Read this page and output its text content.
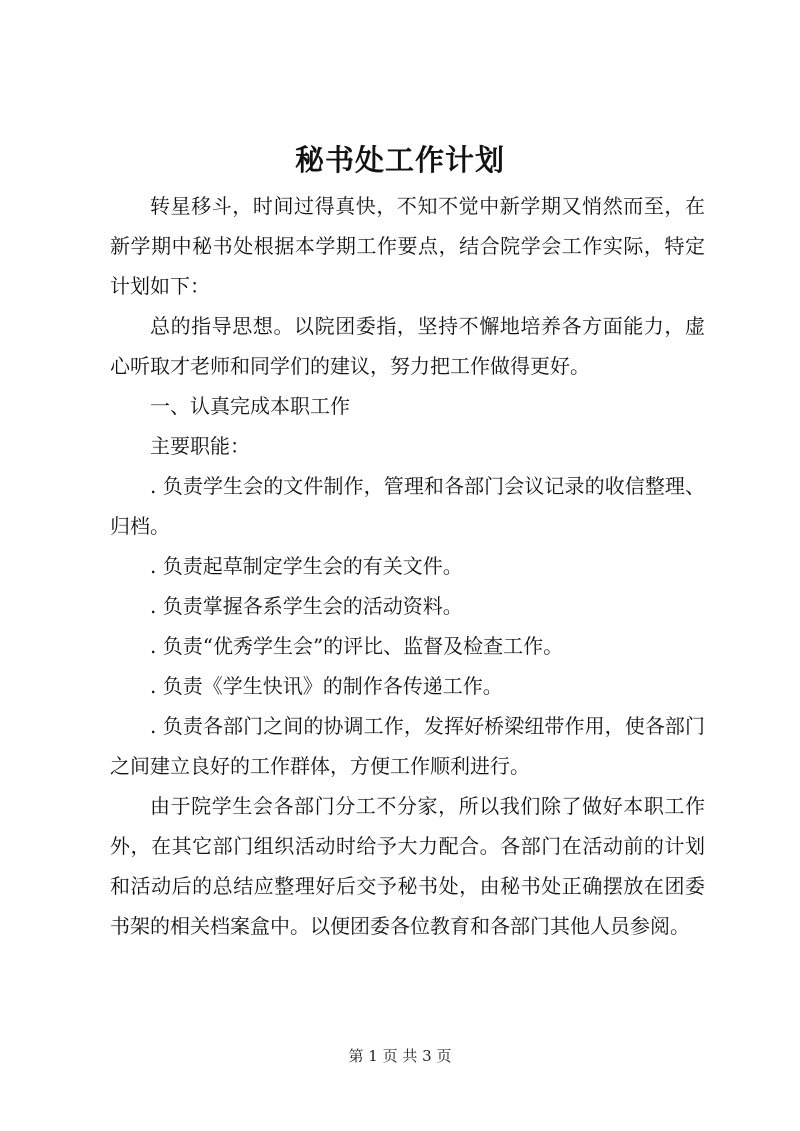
秘书处工作计划

转星移斗，时间过得真快，不知不觉中新学期又悄然而至，在新学期中秘书处根据本学期工作要点，结合院学会工作实际，特定计划如下：

总的指导思想。以院团委指，坚持不懈地培养各方面能力，虚心听取才老师和同学们的建议，努力把工作做得更好。

一、认真完成本职工作

主要职能：

. 负责学生会的文件制作，管理和各部门会议记录的收信整理、归档。

. 负责起草制定学生会的有关文件。

. 负责掌握各系学生会的活动资料。

. 负责“优秀学生会”的评比、监督及检查工作。

. 负责《学生快讯》的制作各传递工作。

. 负责各部门之间的协调工作，发挥好桥梁纽带作用，使各部门之间建立良好的工作群体，方便工作顺利进行。

由于院学生会各部门分工不分家，所以我们除了做好本职工作外，在其它部门组织活动时给予大力配合。各部门在活动前的计划和活动后的总结应整理好后交予秘书处，由秘书处正确摆放在团委书架的相关档案盒中。以便团委各位教育和各部门其他人员参阅。

第 1 页 共 3 页
